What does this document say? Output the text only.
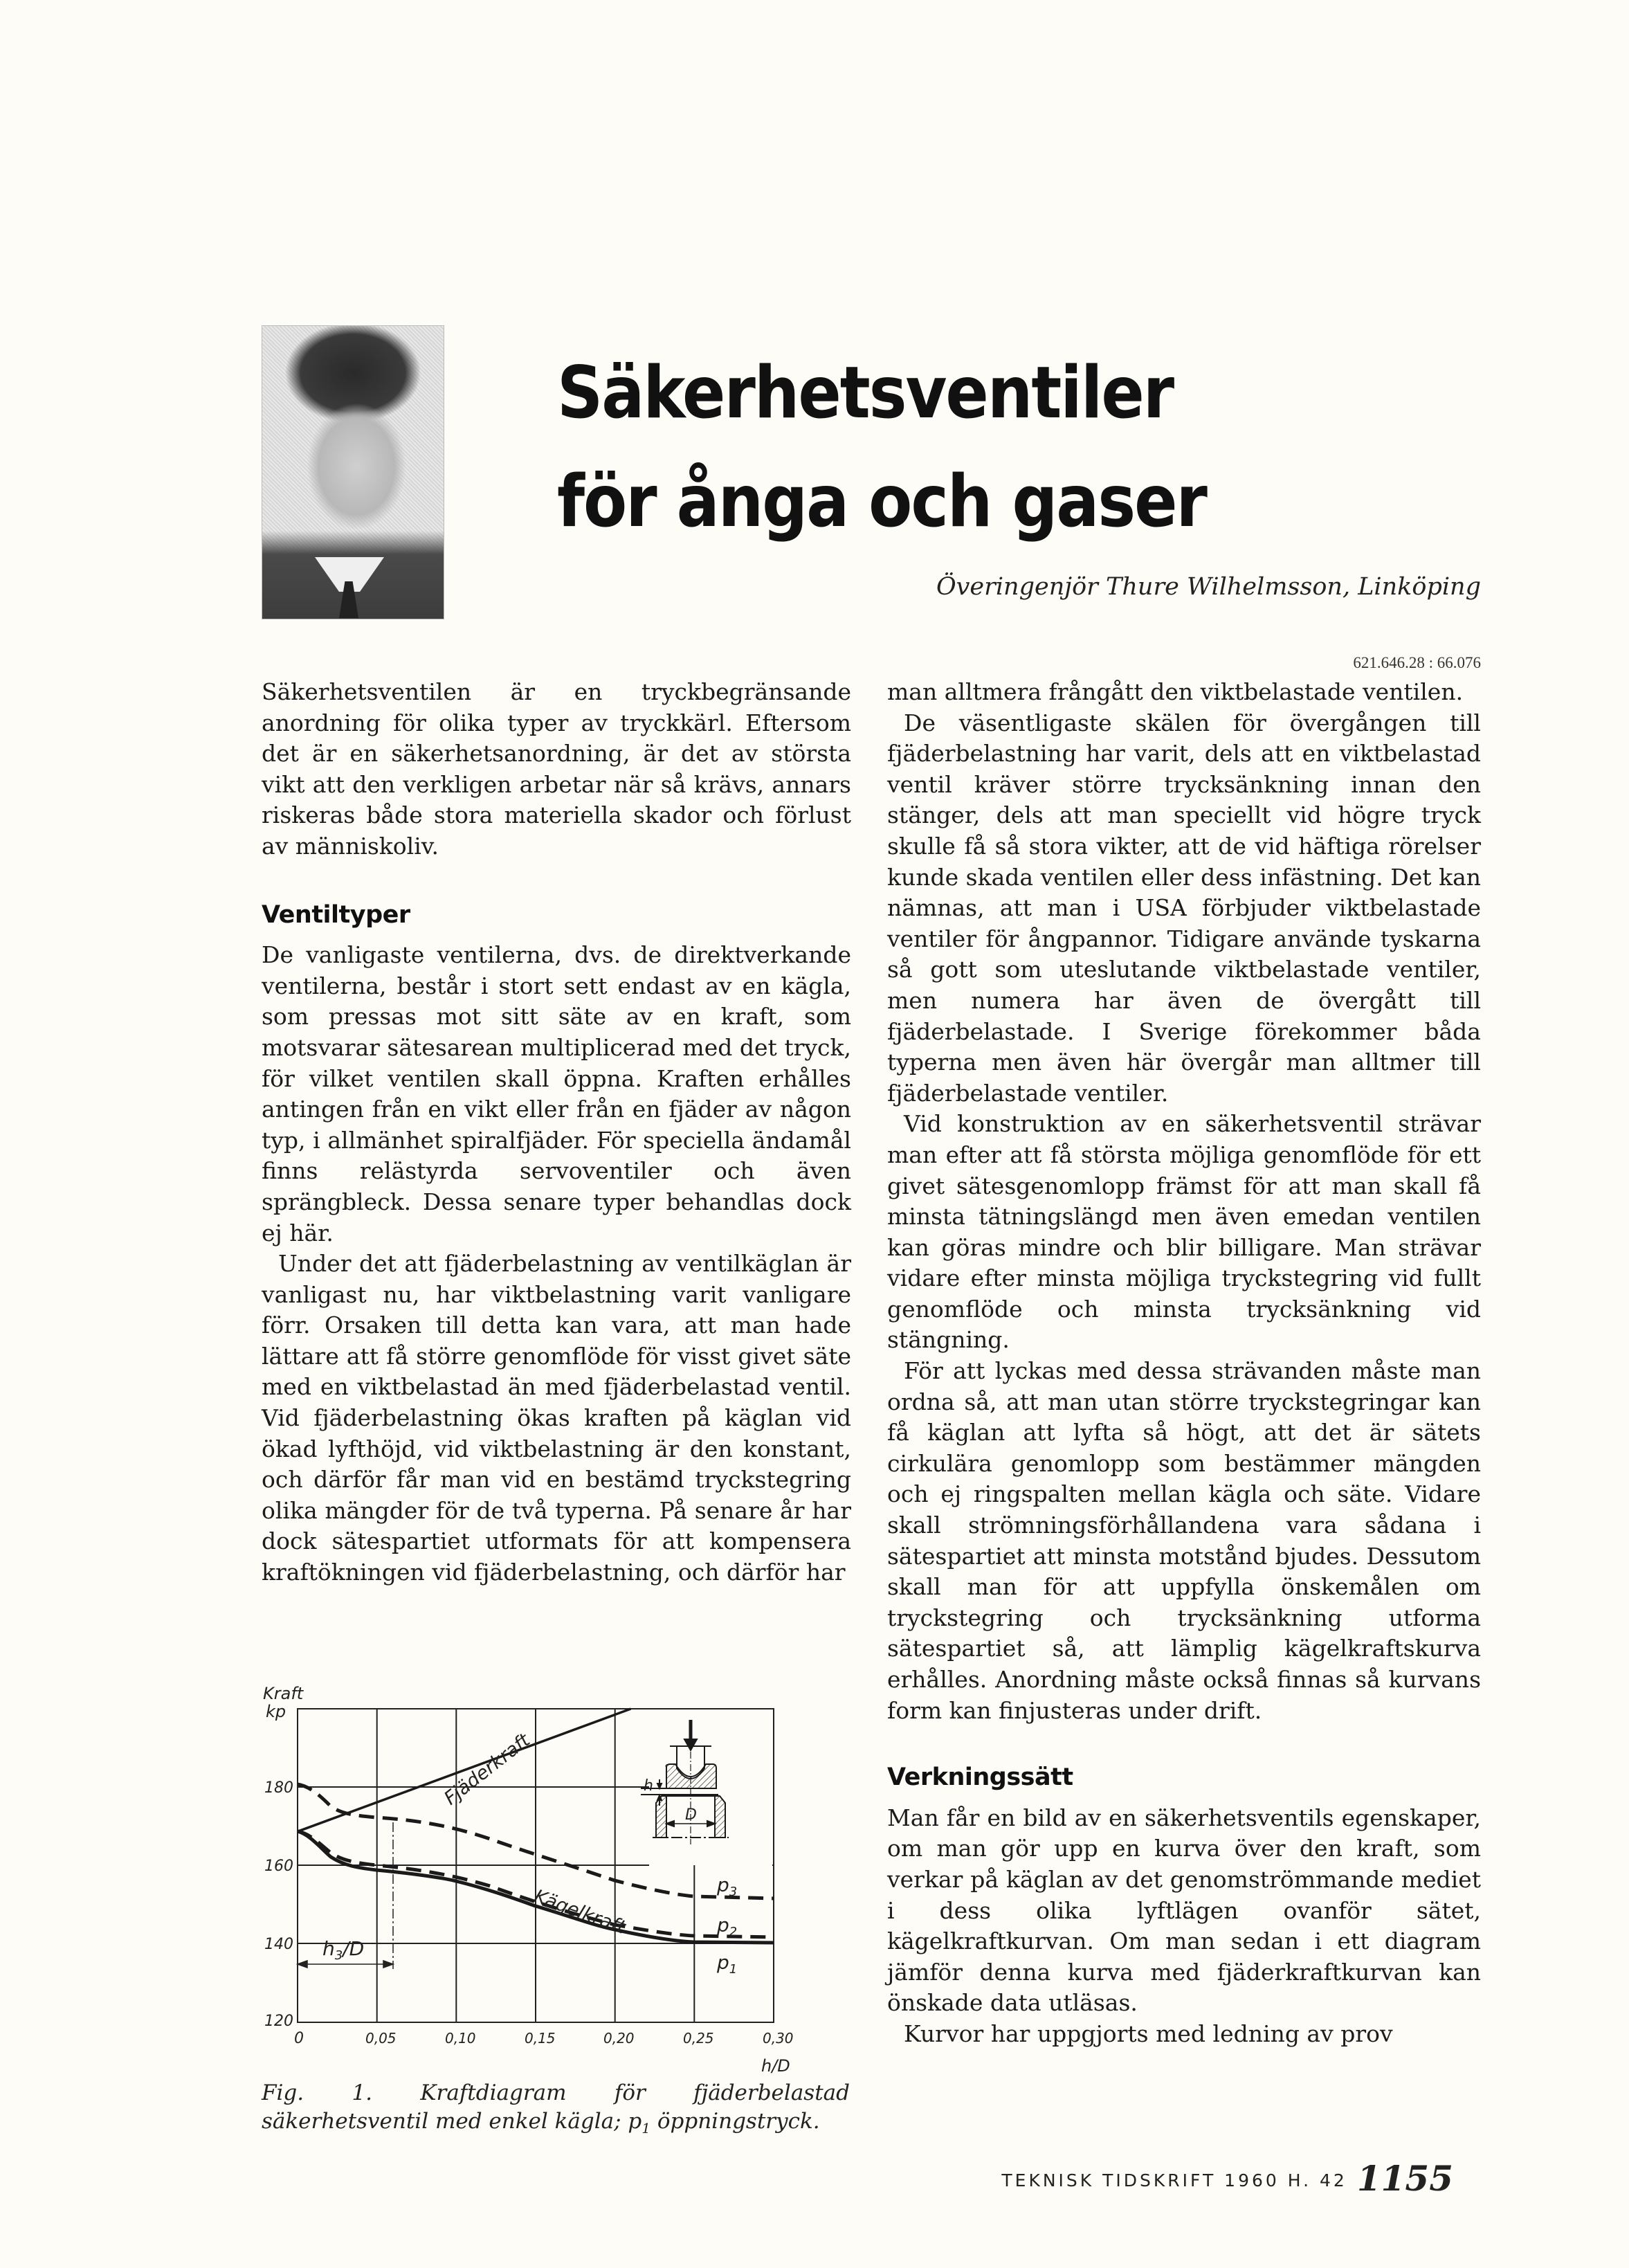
Säkerhetsventiler
för ånga och gaser
Överingenjör Thure Wilhelmsson, Linköping
621.646.28 : 66.076

Säkerhetsventilen är en tryckbegränsande anordning för olika typer av tryckkärl. Eftersom det är en säkerhetsanordning, är det av största vikt att den verkligen arbetar när så krävs, annars riskeras både stora materiella skador och förlust av människoliv.

Ventiltyper

De vanligaste ventilerna, dvs. de direktverkande ventilerna, består i stort sett endast av en kägla, som pressas mot sitt säte av en kraft, som motsvarar sätesarean multiplicerad med det tryck, för vilket ventilen skall öppna. Kraften erhålles antingen från en vikt eller från en fjäder av någon typ, i allmänhet spiralfjäder. För speciella ändamål finns relästyrda servoventiler och även sprängbleck. Dessa senare typer behandlas dock ej här.

Under det att fjäderbelastning av ventilkäglan är vanligast nu, har viktbelastning varit vanligare förr. Orsaken till detta kan vara, att man hade lättare att få större genomflöde för visst givet säte med en viktbelastad än med fjäderbelastad ventil. Vid fjäderbelastning ökas kraften på käglan vid ökad lyfthöjd, vid viktbelastning är den konstant, och därför får man vid en bestämd tryckstegring olika mängder för de två typerna. På senare år har dock sätespartiet utformats för att kompensera kraftökningen vid fjäderbelastning, och därför har

$h_3/D$
h
D
Fjäderkraft
Kägelkraft
$p_3$
$p_2$
$p_1$
Kraft
kp
h/D
180
160
140
120
0	0,05	0,10	0,15	0,20	0,25	0,30
Fig. 1. Kraftdiagram för fjäderbelastad säkerhetsventil med enkel kägla; $p_1$ öppningstryck.

man alltmera frångått den viktbelastade ventilen.

De väsentligaste skälen för övergången till fjäderbelastning har varit, dels att en viktbelastad ventil kräver större trycksänkning innan den stänger, dels att man speciellt vid högre tryck skulle få så stora vikter, att de vid häftiga rörelser kunde skada ventilen eller dess infästning. Det kan nämnas, att man i USA förbjuder viktbelastade ventiler för ångpannor. Tidigare använde tyskarna så gott som uteslutande viktbelastade ventiler, men numera har även de övergått till fjäderbelastade. I Sverige förekommer båda typerna men även här övergår man alltmer till fjäderbelastade ventiler.

Vid konstruktion av en säkerhetsventil strävar man efter att få största möjliga genomflöde för ett givet sätesgenomlopp främst för att man skall få minsta tätningslängd men även emedan ventilen kan göras mindre och blir billigare. Man strävar vidare efter minsta möjliga tryckstegring vid fullt genomflöde och minsta trycksänkning vid stängning.

För att lyckas med dessa strävanden måste man ordna så, att man utan större tryckstegringar kan få käglan att lyfta så högt, att det är sätets cirkulära genomlopp som bestämmer mängden och ej ringspalten mellan kägla och säte. Vidare skall strömningsförhållandena vara sådana i sätespartiet att minsta motstånd bjudes. Dessutom skall man för att uppfylla önskemålen om tryckstegring och trycksänkning utforma sätespartiet så, att lämplig kägelkraftskurva erhålles. Anordning måste också finnas så kurvans form kan finjusteras under drift.

Verkningssätt

Man får en bild av en säkerhetsventils egenskaper, om man gör upp en kurva över den kraft, som verkar på käglan av det genomströmmande mediet i dess olika lyftlägen ovanför sätet, kägelkraftkurvan. Om man sedan i ett diagram jämför denna kurva med fjäderkraftkurvan kan önskade data utläsas.

Kurvor har uppgjorts med ledning av prov

TEKNISK TIDSKRIFT 1960 H. 42 1155
